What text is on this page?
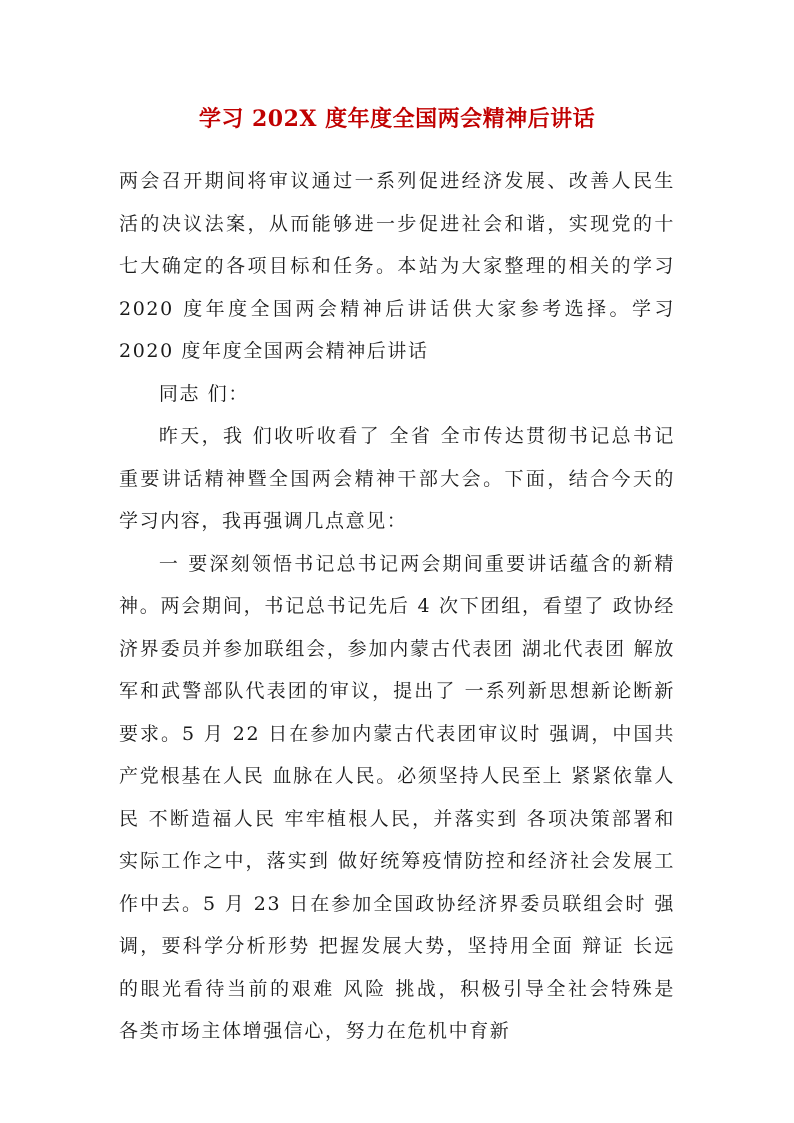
学习 202X 度年度全国两会精神后讲话

两会召开期间将审议通过一系列促进经济发展、改善人民生活的决议法案，从而能够进一步促进社会和谐，实现党的十七大确定的各项目标和任务。本站为大家整理的相关的学习 2020 度年度全国两会精神后讲话供大家参考选择。学习 2020 度年度全国两会精神后讲话

同志 们：

昨天，我 们收听收看了 全省 全市传达贯彻书记总书记重要讲话精神暨全国两会精神干部大会。下面，结合今天的学习内容，我再强调几点意见：

一 要深刻领悟书记总书记两会期间重要讲话蕴含的新精神。两会期间，书记总书记先后 4 次下团组，看望了 政协经济界委员并参加联组会，参加内蒙古代表团 湖北代表团 解放军和武警部队代表团的审议，提出了 一系列新思想新论断新要求。5 月 22 日在参加内蒙古代表团审议时 强调，中国共产党根基在人民 血脉在人民。必须坚持人民至上 紧紧依靠人民 不断造福人民 牢牢植根人民，并落实到 各项决策部署和实际工作之中，落实到 做好统筹疫情防控和经济社会发展工作中去。5 月 23 日在参加全国政协经济界委员联组会时 强调，要科学分析形势 把握发展大势，坚持用全面 辩证 长远的眼光看待当前的艰难 风险 挑战，积极引导全社会特殊是 各类市场主体增强信心，努力在危机中育新
